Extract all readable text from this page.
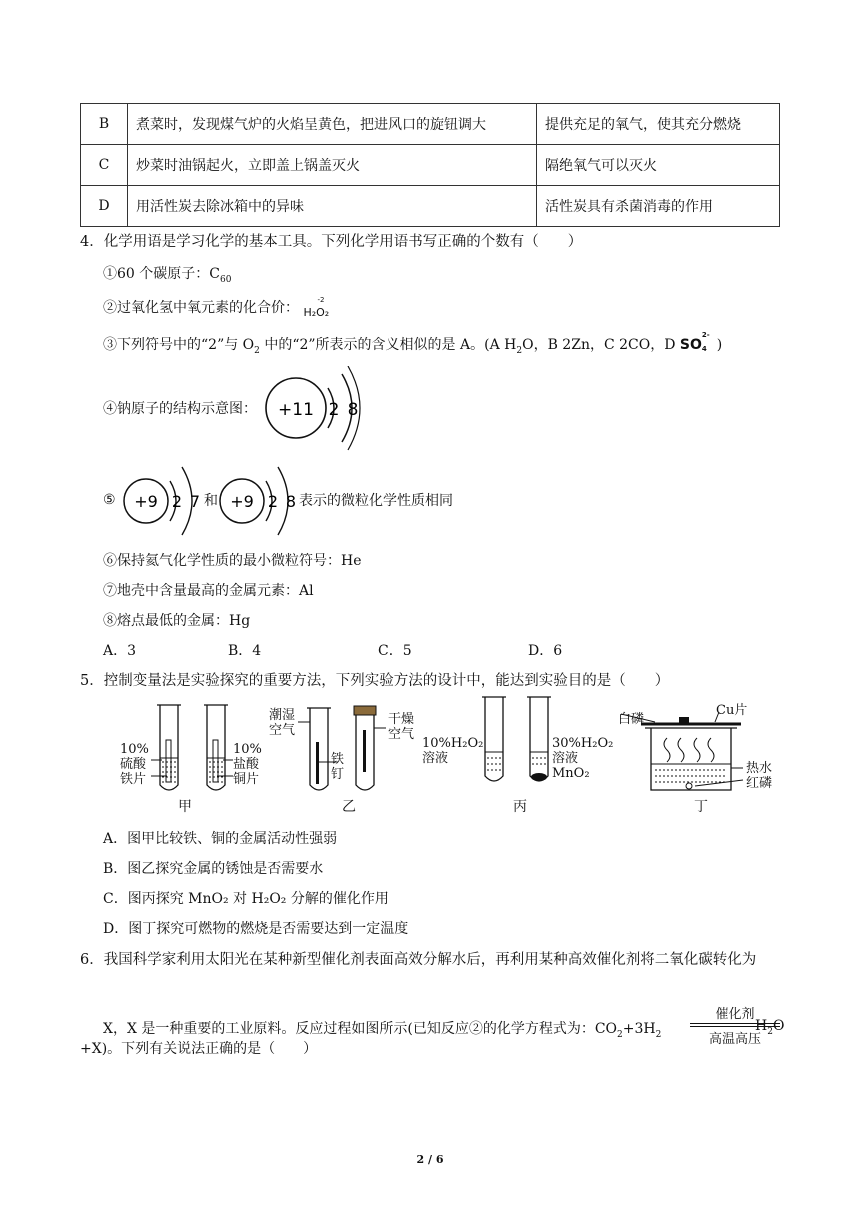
B	煮菜时，发现煤气炉的火焰呈黄色，把进风口的旋钮调大	提供充足的氧气，使其充分燃烧
C	炒菜时油锅起火，立即盖上锅盖灭火	隔绝氧气可以灭火
D	用活性炭去除冰箱中的异味	活性炭具有杀菌消毒的作用
4．化学用语是学习化学的基本工具。下列化学用语书写正确的个数有（　　）
①60 个碳原子：$C_{60}$
②过氧化氢中氧元素的化合价：	-2
H₂O₂
③下列符号中的“2”与 $O_2$ 中的“2”所表示的含义相似的是 A。(A $H_2O$，B 2Zn，C 2CO，D SO
2-
4 )
④钠原子的结构示意图： +11 2 8
⑤ +9 2 7 和 +9 2 8 表示的微粒化学性质相同
⑥保持氦气化学性质的最小微粒符号：He
⑦地壳中含量最高的金属元素：Al
⑧熔点最低的金属：Hg
A．3	B．4	C．5	D．6
5．控制变量法是实验探究的重要方法，下列实验方法的设计中，能达到实验目的是（　　）
10%
硫酸
铁片
10%
盐酸
铜片
甲
潮湿
空气
铁
钉
干燥
空气
乙
10%H₂O₂
溶液
30%H₂O₂
溶液
MnO₂
丙
白磷
Cu片
热水
红磷
丁
A．图甲比较铁、铜的金属活动性强弱
B．图乙探究金属的锈蚀是否需要水
C．图丙探究 MnO₂ 对 H₂O₂ 分解的催化作用
D．图丁探究可燃物的燃烧是否需要达到一定温度
6．我国科学家利用太阳光在某种新型催化剂表面高效分解水后，再利用某种高效催化剂将二氧化碳转化为
X，X 是一种重要的工业原料。反应过程如图所示(已知反应②的化学方程式为：$CO_2+3H_2$
催化剂
高温高压
$H_2O$
+X)。下列有关说法正确的是（　　）
2 / 6
